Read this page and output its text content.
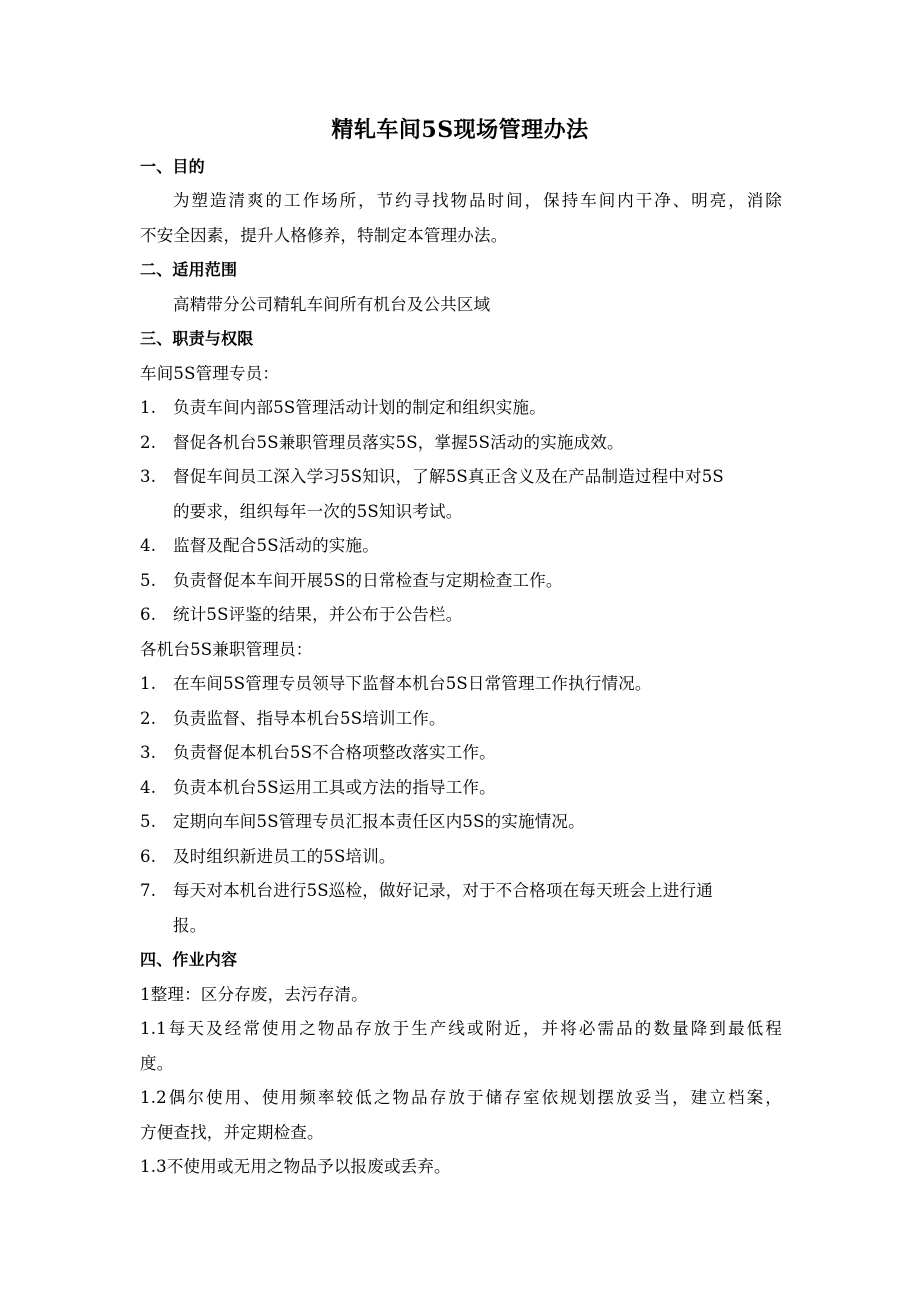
精轧车间5S现场管理办法
一、目的
为塑造清爽的工作场所，节约寻找物品时间，保持车间内干净、明亮，消除
不安全因素，提升人格修养，特制定本管理办法。
二、适用范围
高精带分公司精轧车间所有机台及公共区域
三、职责与权限
车间5S管理专员：
1. 负责车间内部5S管理活动计划的制定和组织实施。
2. 督促各机台5S兼职管理员落实5S，掌握5S活动的实施成效。
3. 督促车间员工深入学习5S知识，了解5S真正含义及在产品制造过程中对5S
的要求，组织每年一次的5S知识考试。
4. 监督及配合5S活动的实施。
5. 负责督促本车间开展5S的日常检查与定期检查工作。
6. 统计5S评鉴的结果，并公布于公告栏。
各机台5S兼职管理员：
1. 在车间5S管理专员领导下监督本机台5S日常管理工作执行情况。
2. 负责监督、指导本机台5S培训工作。
3. 负责督促本机台5S不合格项整改落实工作。
4. 负责本机台5S运用工具或方法的指导工作。
5. 定期向车间5S管理专员汇报本责任区内5S的实施情况。
6. 及时组织新进员工的5S培训。
7. 每天对本机台进行5S巡检，做好记录，对于不合格项在每天班会上进行通
报。
四、作业内容
1整理：区分存废，去污存清。
1.1每天及经常使用之物品存放于生产线或附近，并将必需品的数量降到最低程
度。
1.2偶尔使用、使用频率较低之物品存放于储存室依规划摆放妥当，建立档案，
方便查找，并定期检查。
1.3不使用或无用之物品予以报废或丢弃。
